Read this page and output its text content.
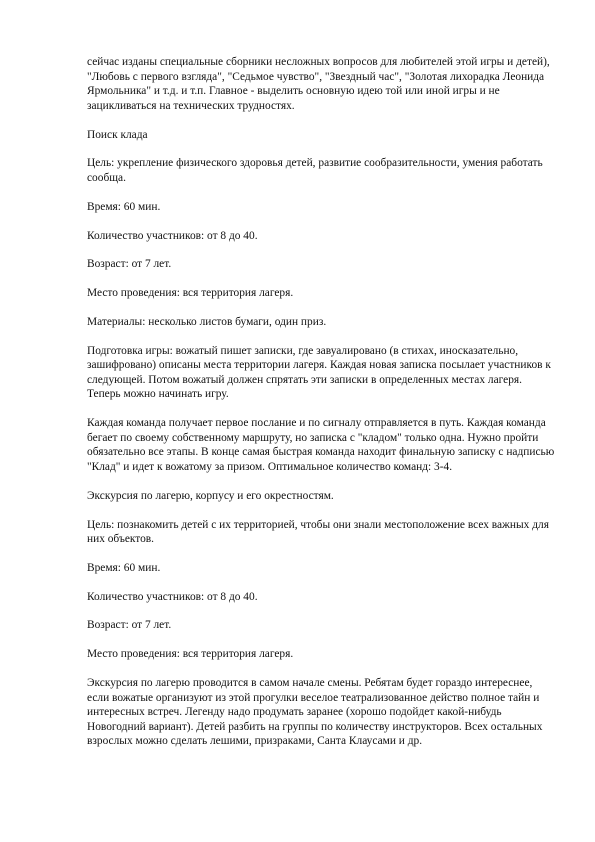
сейчас изданы специальные сборники несложных вопросов для любителей этой игры и детей), "Любовь с первого взгляда", "Седьмое чувство", "Звездный час", "Золотая лихорадка Леонида Ярмольника" и т.д. и т.п. Главное - выделить основную идею той или иной игры и не зацикливаться на технических трудностях.

Поиск клада

Цель: укрепление физического здоровья детей, развитие сообразительности, умения работать сообща.

Время: 60 мин.

Количество участников: от 8 до 40.

Возраст: от 7 лет.

Место проведения: вся территория лагеря.

Материалы: несколько листов бумаги, один приз.

Подготовка игры: вожатый пишет записки, где завуалировано (в стихах, иносказательно, зашифровано) описаны места территории лагеря. Каждая новая записка посылает участников к следующей. Потом вожатый должен спрятать эти записки в определенных местах лагеря. Теперь можно начинать игру.

Каждая команда получает первое послание и по сигналу отправляется в путь. Каждая команда бегает по своему собственному маршруту, но записка с "кладом" только одна. Нужно пройти обязательно все этапы. В конце самая быстрая команда находит финальную записку с надписью "Клад" и идет к вожатому за призом. Оптимальное количество команд: 3-4.

Экскурсия по лагерю, корпусу и его окрестностям.

Цель: познакомить детей с их территорией, чтобы они знали местоположение всех важных для них объектов.

Время: 60 мин.

Количество участников: от 8 до 40.

Возраст: от 7 лет.

Место проведения: вся территория лагеря.

Экскурсия по лагерю проводится в самом начале смены. Ребятам будет гораздо интереснее, если вожатые организуют из этой прогулки веселое театрализованное действо полное тайн и интересных встреч. Легенду надо продумать заранее (хорошо подойдет какой-нибудь Новогодний вариант). Детей разбить на группы по количеству инструкторов. Всех остальных взрослых можно сделать лешими, призраками, Санта Клаусами и др.
